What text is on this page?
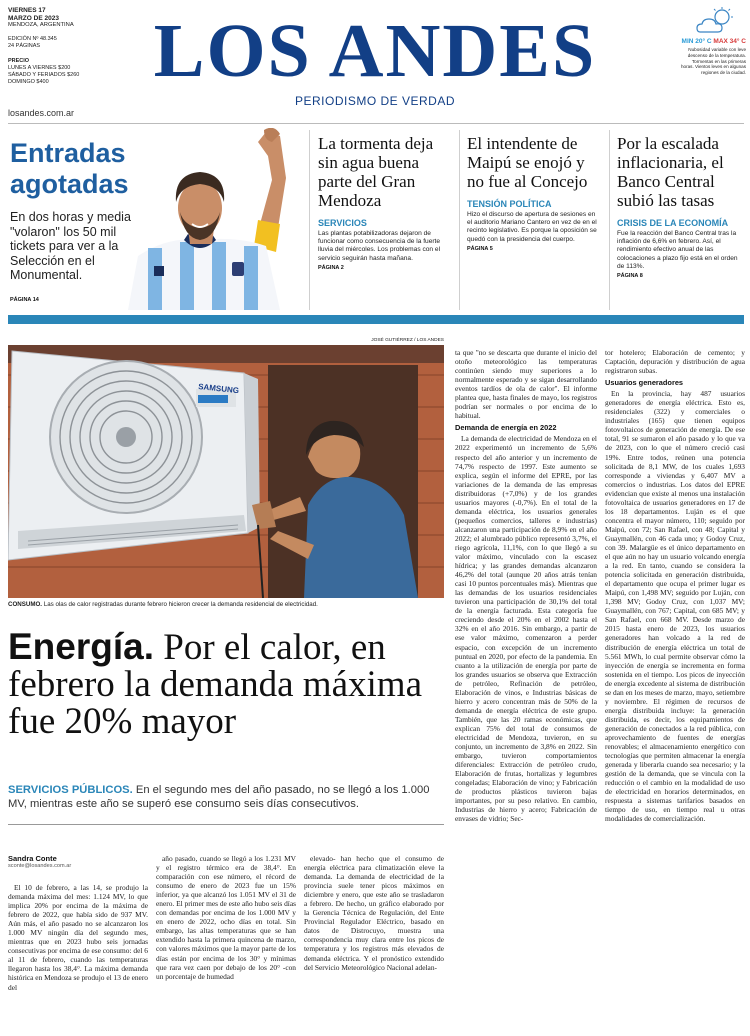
VIERNES 17
MARZO DE 2023
MENDOZA, ARGENTINA
EDICIÓN Nº 48.345
24 PÁGINAS
PRECIO
LUNES A VIERNES $200
SÁBADO Y FERIADOS $260
DOMINGO $400
losandes.com.ar
LOS ANDES
PERIODISMO DE VERDAD
MIN 20° C MAX 34° C
Nubosidad variable con leve descenso de la temperatura. Tormentas en las primeras horas. Vientos leves en algunas regiones de la ciudad.
Entradas
agotadas
En dos horas y media "volaron" los 50 mil tickets para ver a la Selección en el Monumental.
PÁGINA 14
La tormenta deja sin agua buena parte del Gran Mendoza
SERVICIOS
Las plantas potabilizadoras dejaron de funcionar como consecuencia de la fuerte lluvia del miércoles. Los problemas con el servicio seguirán hasta mañana.
PÁGINA 2
El intendente de Maipú se enojó y no fue al Concejo
TENSIÓN POLÍTICA
Hizo el discurso de apertura de sesiones en el auditorio Mariano Cantero en vez de en el recinto legislativo. Es porque la oposición se quedó con la presidencia del cuerpo.
PÁGINA 5
Por la escalada inflacionaria, el Banco Central subió las tasas
CRISIS DE LA ECONOMÍA
Fue la reacción del Banco Central tras la inflación de 6,6% en febrero. Así, el rendimiento efectivo anual de las colocaciones a plazo fijo está en el orden de 113%.
PÁGINA 8
JOSÉ GUTIÉRREZ / LOS ANDES
SAMSUNG
CONSUMO. Las olas de calor registradas durante febrero hicieron crecer la demanda residencial de electricidad.
Energía. Por el calor, en febrero la demanda máxima fue 20% mayor
SERVICIOS PÚBLICOS. En el segundo mes del año pasado, no se llegó a los 1.000 MV, mientras este año se superó ese consumo seis días consecutivos.
Sandra Conte
sconte@losandes.com.ar

El 10 de febrero, a las 14, se produjo la demanda máxima del mes: 1.124 MV, lo que implica 20% por encima de la máxima de febrero de 2022, que había sido de 937 MV. Aún más, el año pasado no se alcanzaron los 1.000 MV ningún día del segundo mes, mientras que en 2023 hubo seis jornadas consecutivas por encima de ese consumo: del 6 al 11 de febrero, cuando las temperaturas llegaron hasta los 38,4°. La máxima demanda histórica en Mendoza se produjo el 13 de enero del

año pasado, cuando se llegó a los 1.231 MV y el registro térmico era de 38,4°. En comparación con ese número, el récord de consumo de enero de 2023 fue un 15% inferior, ya que alcanzó los 1.051 MV el 31 de enero. El primer mes de este año hubo seis días con demandas por encima de los 1.000 MV y en enero de 2022, ocho días en total. Sin embargo, las altas temperaturas que se han extendido hasta la primera quincena de marzo, con valores máximos que la mayor parte de los días están por encima de los 30° y mínimas que rara vez caen por debajo de los 20° -con un porcentaje de humedad

elevado- han hecho que el consumo de energía eléctrica para climatización eleve la demanda. La demanda de electricidad de la provincia suele tener picos máximos en diciembre y enero, que este año se trasladaron a febrero. De hecho, un gráfico elaborado por la Gerencia Técnica de Regulación, del Ente Provincial Regulador Eléctrico, basado en datos de Distrocuyo, muestra una correspondencia muy clara entre los picos de temperatura y los registros más elevados de demanda eléctrica. Y el pronóstico extendido del Servicio Meteorológico Nacional adelan-

ta que "no se descarta que durante el inicio del otoño meteorológico las temperaturas continúen siendo muy superiores a lo normalmente esperado y se sigan desarrollando eventos tardíos de ola de calor". El informe plantea que, hasta finales de mayo, los registros podrían ser normales o por encima de lo habitual.

Demanda de energía en 2022

La demanda de electricidad de Mendoza en el 2022 experimentó un incremento de 5,6% respecto del año anterior y un incremento de 74,7% respecto de 1997. Este aumento se explica, según el informe del EPRE, por las variaciones de la demanda de las empresas distribuidoras (+7,0%) y de los grandes usuarios mayores (-0,7%). En el total de la demanda eléctrica, los usuarios generales (pequeños comercios, talleres e industrias) alcanzaron una participación de 8,9% en el año 2022; el alumbrado público representó 3,7%, el riego agrícola, 11,1%, con lo que llegó a su valor máximo, vinculado con la escasez hídrica; y las grandes demandas alcanzaron 46,2% del total (aunque 20 años atrás tenían casi 10 puntos porcentuales más). Mientras que las demandas de los usuarios residenciales tuvieron una participación de 30,1% del total de la energía facturada. Esta categoría fue creciendo desde el 20% en el 2002 hasta el 32% en el año 2016. Sin embargo, a partir de ese valor máximo, comenzaron a perder espacio, con excepción de un incremento puntual en 2020, por efecto de la pandemia. En cuanto a la utilización de energía por parte de los grandes usuarios se observa que Extracción de petróleo, Refinación de petróleo, Elaboración de vinos, e Industrias básicas de hierro y acero concentran más de 50% de la demanda de energía eléctrica de este grupo. También, que las 20 ramas económicas, que explican 75% del total de consumos de electricidad de Mendoza, tuvieron, en su conjunto, un incremento de 3,8% en 2022. Sin embargo, tuvieron comportamientos diferenciales: Extracción de petróleo crudo, Elaboración de frutas, hortalizas y legumbres congeladas; Elaboración de vino; y Fabricación de productos plásticos tuvieron bajas importantes, por su peso relativo. En cambio, Industrias de hierro y acero; Fabricación de envases de vidrio; Sec-

tor hotelero; Elaboración de cemento; y Captación, depuración y distribución de agua registraron subas.

Usuarios generadores

En la provincia, hay 487 usuarios generadores de energía eléctrica. Esto es, residenciales (322) y comerciales o industriales (165) que tienen equipos fotovoltaicos de generación de energía. De ese total, 91 se sumaron el año pasado y lo que va de 2023, con lo que el número creció casi 19%. Entre todos, reúnen una potencia solicitada de 8,1 MW, de los cuales 1,693 corresponde a viviendas y 6,407 MV a comercios o industrias. Los datos del EPRE evidencian que existe al menos una instalación fotovoltaica de usuarios generadores en 17 de los 18 departamentos. Luján es el que concentra el mayor número, 110; seguido por Maipú, con 72; San Rafael, con 48; Capital y Guaymallén, con 46 cada uno; y Godoy Cruz, con 39. Malargüe es el único departamento en el que aún no hay un usuario volcando energía a la red. En tanto, cuando se considera la potencia solicitada en generación distribuida, el departamento que ocupa el primer lugar es Maipú, con 1,498 MV; seguido por Luján, con 1,398 MV; Godoy Cruz, con 1,037 MV; Guaymallén, con 767; Capital, con 685 MV; y San Rafael, con 668 MV. Desde marzo de 2015 hasta enero de 2023, los usuarios generadores han volcado a la red de distribución de energía eléctrica un total de 5.561 MWh, lo cual permite observar cómo la inyección de energía se incrementa en forma sostenida en el tiempo. Los picos de inyección de energía excedente al sistema de distribución se dan en los meses de marzo, mayo, setiembre y noviembre. El régimen de recursos de energía distribuida incluye: la generación distribuida, es decir, los equipamientos de generación de conectados a la red pública, con aprovechamiento de fuentes de energías renovables; el almacenamiento energético con tecnologías que permiten almacenar la energía generada y liberarla cuando sea necesario; y la gestión de la demanda, que se vincula con la reducción o el cambio en la modalidad de uso de electricidad en horarios determinados, en respuesta a sistemas tarifarios basados en tiempo de uso, en tiempo real u otras modalidades de comercialización.
